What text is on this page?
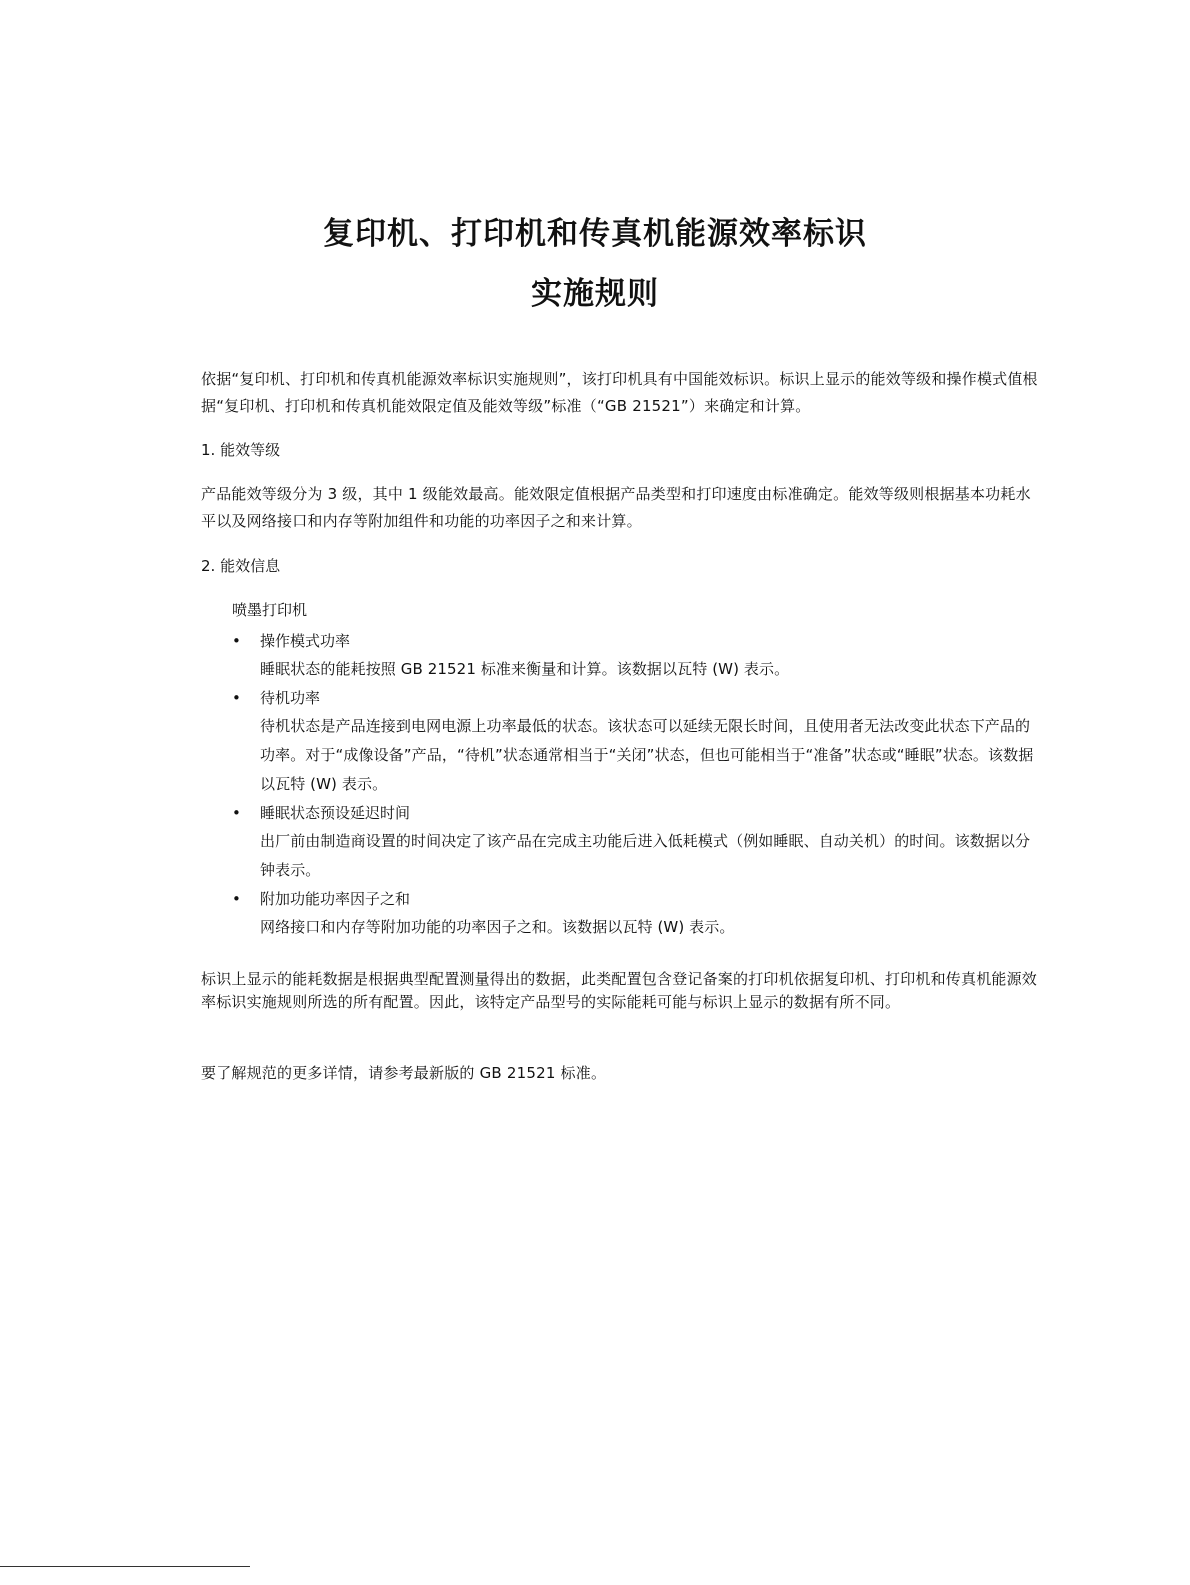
复印机、打印机和传真机能源效率标识
实施规则
依据“复印机、打印机和传真机能源效率标识实施规则”，该打印机具有中国能效标识。标识上显示的能效等级和操作模式值根据“复印机、打印机和传真机能效限定值及能效等级”标准（“GB 21521”）来确定和计算。
1. 能效等级
产品能效等级分为 3 级，其中 1 级能效最高。能效限定值根据产品类型和打印速度由标准确定。能效等级则根据基本功耗水平以及网络接口和内存等附加组件和功能的功率因子之和来计算。
2. 能效信息
喷墨打印机
• 操作模式功率
睡眠状态的能耗按照 GB 21521 标准来衡量和计算。该数据以瓦特 (W) 表示。
• 待机功率
待机状态是产品连接到电网电源上功率最低的状态。该状态可以延续无限长时间，且使用者无法改变此状态下产品的功率。对于“成像设备”产品，“待机”状态通常相当于“关闭”状态，但也可能相当于“准备”状态或“睡眠”状态。该数据以瓦特 (W) 表示。
• 睡眠状态预设延迟时间
出厂前由制造商设置的时间决定了该产品在完成主功能后进入低耗模式（例如睡眠、自动关机）的时间。该数据以分钟表示。
• 附加功能功率因子之和
网络接口和内存等附加功能的功率因子之和。该数据以瓦特 (W) 表示。
标识上显示的能耗数据是根据典型配置测量得出的数据，此类配置包含登记备案的打印机依据复印机、打印机和传真机能源效率标识实施规则所选的所有配置。因此，该特定产品型号的实际能耗可能与标识上显示的数据有所不同。
要了解规范的更多详情，请参考最新版的 GB 21521 标准。
